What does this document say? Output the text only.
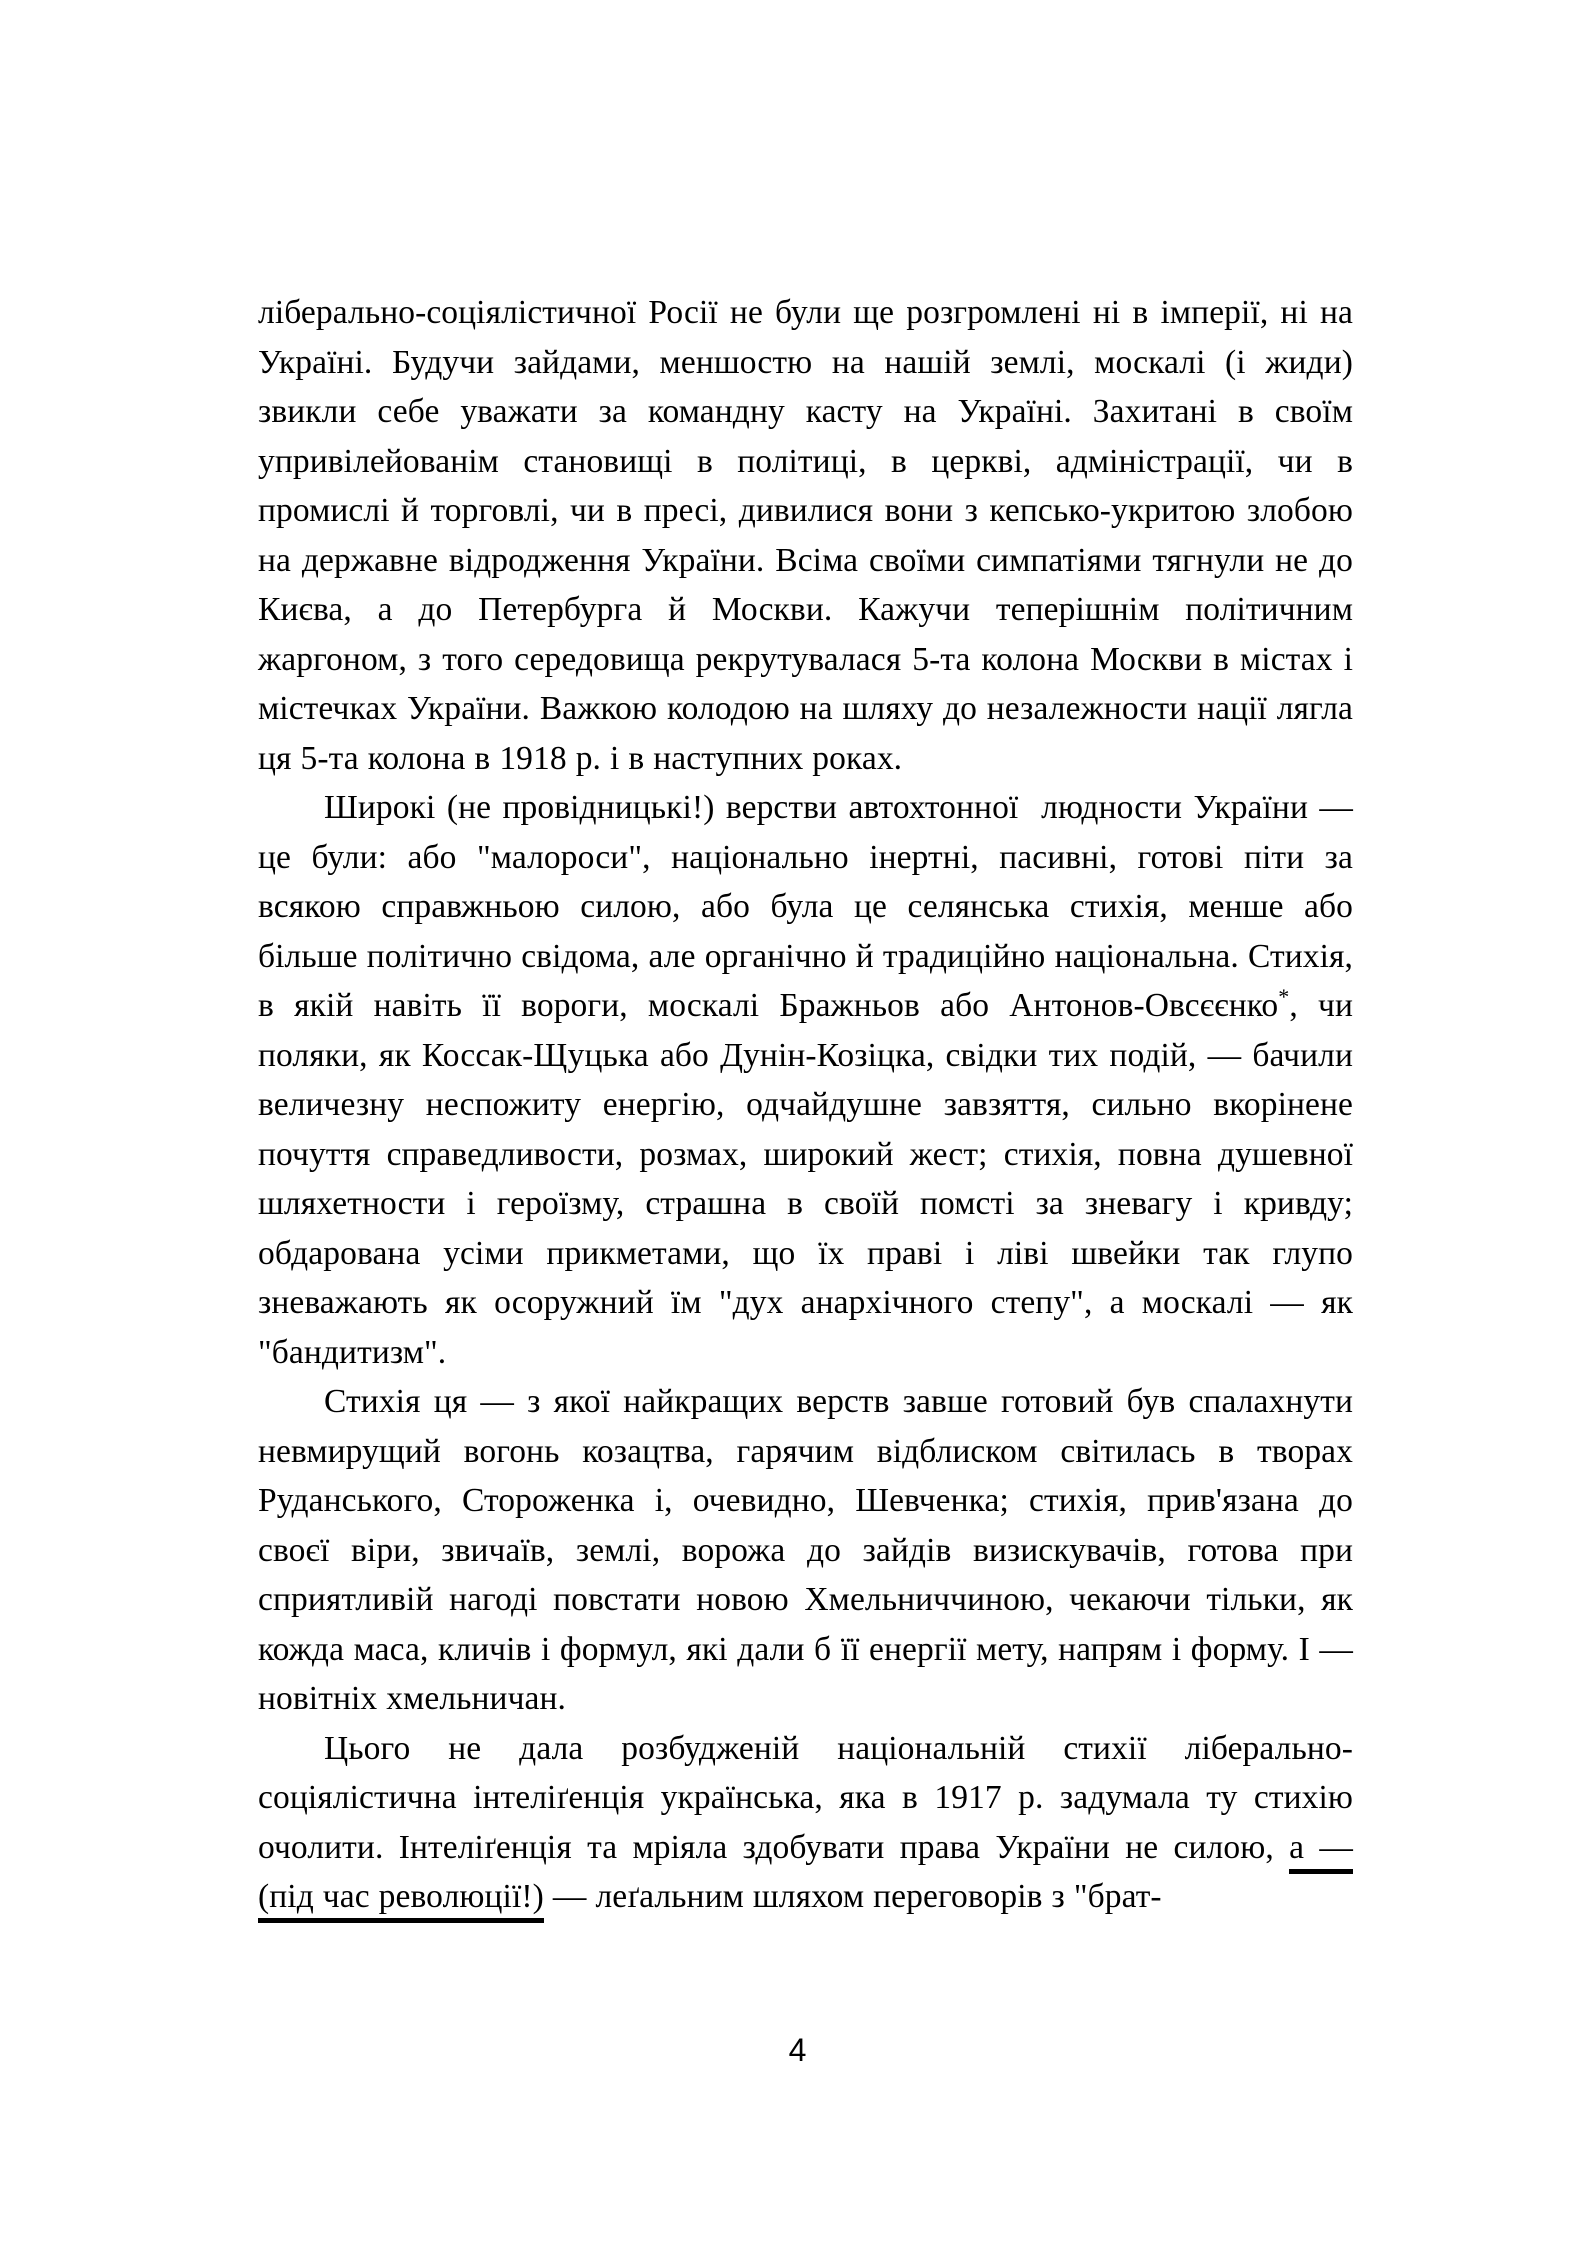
ліберально-соціялістичної Росії не були ще розгромлені ні в імперії, ні на Україні. Будучи зайдами, меншостю на нашій землі, москалі (і жиди) звикли себе уважати за командну касту на Україні. Захитані в своїм упривілейованім становищі в політиці, в церкві, адміністрації, чи в промислі й торговлі, чи в пресі, дивилися вони з кепсько-укритою злобою на державне відродження України. Всіма своїми симпатіями тягнули не до Києва, а до Петербурга й Москви. Кажучи теперішнім політичним жаргоном, з того середовища рекрутувалася 5-та колона Москви в містах і містечках України. Важкою колодою на шляху до незалежности нації лягла ця 5-та колона в 1918 р. і в наступних роках.

Широкі (не провідницькі!) верстви автохтонної  людности України — це були: або "малороси", національно інертні, пасивні, готові піти за всякою справжньою силою, або була це селянська стихія, менше або більше політично свідома, але органічно й традиційно національна. Стихія, в якій навіть її вороги, москалі Бражньов або Антонов-Овсєєнко*, чи поляки, як Коссак-Щуцька або Дунін-Козіцка, свідки тих подій, — бачили величезну неспожиту енергію, одчайдушне завзяття, сильно вкорінене почуття справедливости, розмах, широкий жест; стихія, повна душевної шляхетности і героїзму, страшна в своїй помсті за зневагу і кривду; обдарована усіми прикметами, що їх праві і ліві швейки так глупо зневажають як осоружний їм "дух анархічного степу", а москалі — як "бандитизм".

Стихія ця — з якої найкращих верств завше готовий був спалахнути невмирущий вогонь козацтва, гарячим відблиском світилась в творах Руданського, Стороженка і, очевидно, Шевченка; стихія, прив'язана до своєї віри, звичаїв, землі, ворожа до зайдів визискувачів, готова при сприятливій нагоді повстати новою Хмельниччиною, чекаючи тільки, як кожда маса, кличів і формул, які дали б її енергії мету, напрям і форму. І — новітніх хмельничан.

Цього не дала розбудженій національній стихії ліберально-соціялістична інтеліґенція українська, яка в 1917 р. задумала ту стихію очолити. Інтеліґенція та мріяла здобувати права України не силою, а — (під час революції!) — леґальним шляхом переговорів з "брат-

4
